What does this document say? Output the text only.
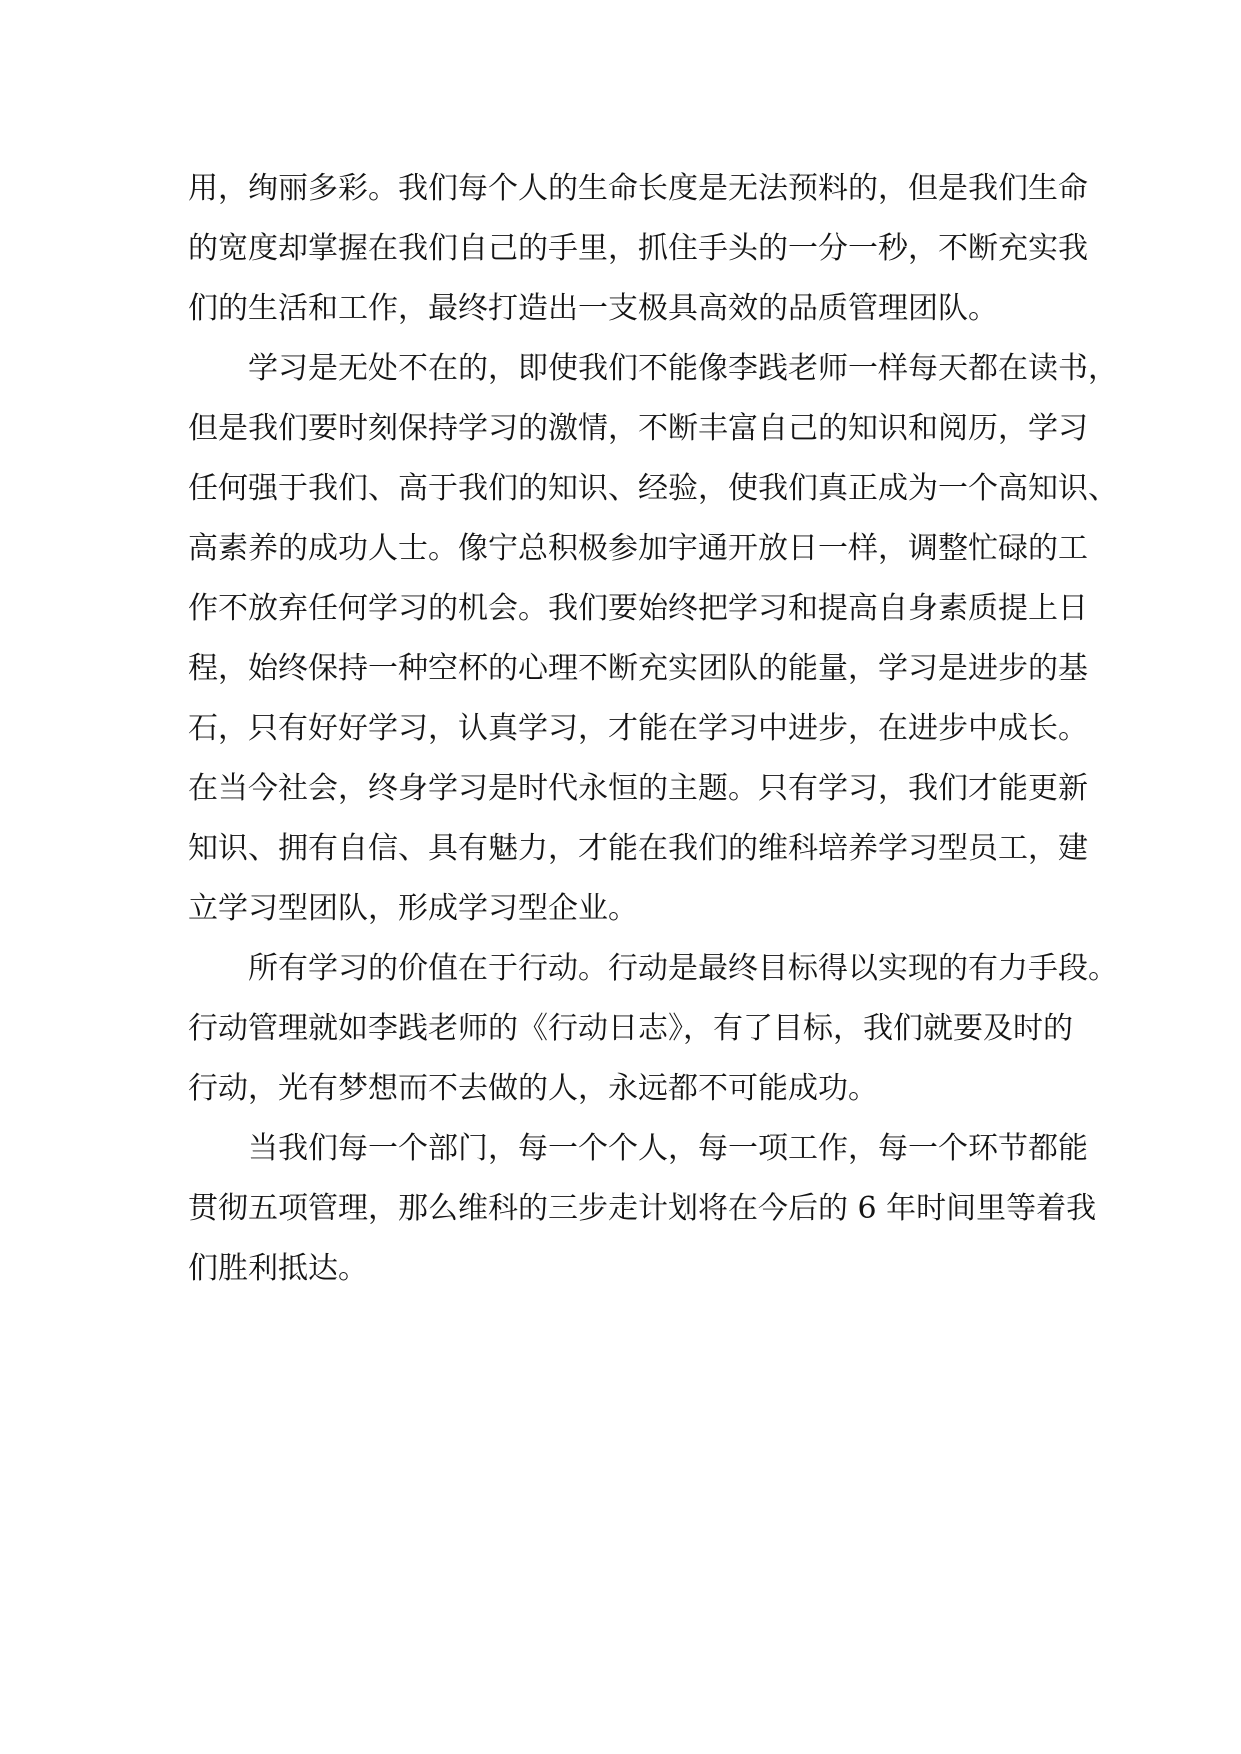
用，绚丽多彩。我们每个人的生命长度是无法预料的，但是我们生命
的宽度却掌握在我们自己的手里，抓住手头的一分一秒，不断充实我
们的生活和工作，最终打造出一支极具高效的品质管理团队。

　　学习是无处不在的，即使我们不能像李践老师一样每天都在读书，
但是我们要时刻保持学习的激情，不断丰富自己的知识和阅历，学习
任何强于我们、高于我们的知识、经验，使我们真正成为一个高知识、
高素养的成功人士。像宁总积极参加宇通开放日一样，调整忙碌的工
作不放弃任何学习的机会。我们要始终把学习和提高自身素质提上日
程，始终保持一种空杯的心理不断充实团队的能量，学习是进步的基
石，只有好好学习，认真学习，才能在学习中进步，在进步中成长。
在当今社会，终身学习是时代永恒的主题。只有学习，我们才能更新
知识、拥有自信、具有魅力，才能在我们的维科培养学习型员工，建
立学习型团队，形成学习型企业。

　　所有学习的价值在于行动。行动是最终目标得以实现的有力手段。
行动管理就如李践老师的《行动日志》，有了目标，我们就要及时的
行动，光有梦想而不去做的人，永远都不可能成功。

　　当我们每一个部门，每一个个人，每一项工作，每一个环节都能
贯彻五项管理，那么维科的三步走计划将在今后的 6 年时间里等着我
们胜利抵达。
